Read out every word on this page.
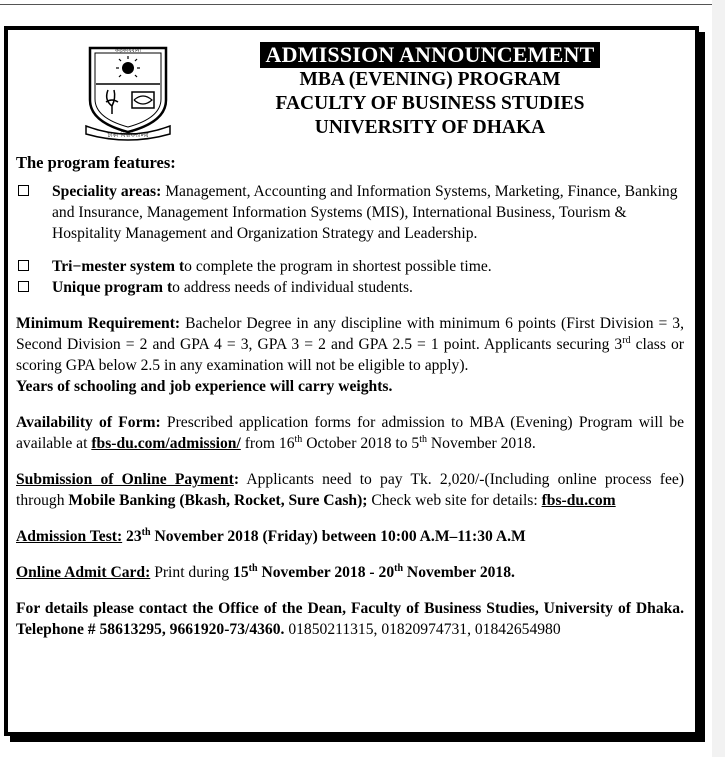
ঢাকা বিশ্ববিদ্যালয়
কৰ্তৃকার্যবানা	ADMISSION ANNOUNCEMENT
MBA (EVENING) PROGRAM
FACULTY OF BUSINESS STUDIES
UNIVERSITY OF DHAKA

The program features:

Speciality areas: Management, Accounting and Information Systems, Marketing, Finance, Banking and Insurance, Management Information Systems (MIS), International Business, Tourism & Hospitality Management and Organization Strategy and Leadership.

Tri−mester system to complete the program in shortest possible time.

Unique program to address needs of individual students.

Minimum Requirement: Bachelor Degree in any discipline with minimum 6 points (First Division = 3, Second Division = 2 and GPA 4 = 3, GPA 3 = 2 and GPA 2.5 = 1 point. Applicants securing 3rd class or scoring GPA below 2.5 in any examination will not be eligible to apply).

Years of schooling and job experience will carry weights.

Availability of Form: Prescribed application forms for admission to MBA (Evening) Program will be available at fbs-du.com/admission/ from 16th October 2018 to 5th November 2018.

Submission of Online Payment: Applicants need to pay Tk. 2,020/-(Including online process fee) through Mobile Banking (Bkash, Rocket, Sure Cash); Check web site for details: fbs-du.com

Admission Test: 23th November 2018 (Friday) between 10:00 A.M–11:30 A.M

Online Admit Card: Print during 15th November 2018 - 20th November 2018.

For details please contact the Office of the Dean, Faculty of Business Studies, University of Dhaka. Telephone # 58613295, 9661920-73/4360. 01850211315, 01820974731, 01842654980
